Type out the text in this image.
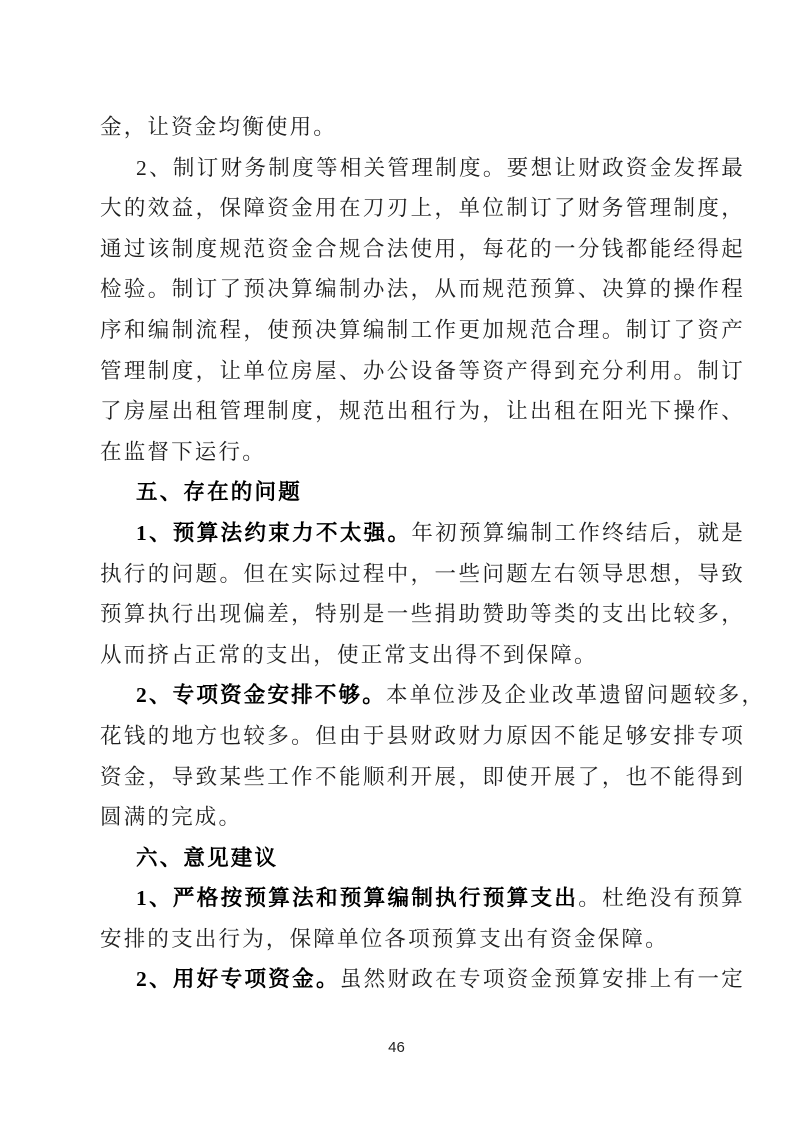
金，让资金均衡使用。
2、制订财务制度等相关管理制度。要想让财政资金发挥最
大的效益，保障资金用在刀刃上，单位制订了财务管理制度，
通过该制度规范资金合规合法使用，每花的一分钱都能经得起
检验。制订了预决算编制办法，从而规范预算、决算的操作程
序和编制流程，使预决算编制工作更加规范合理。制订了资产
管理制度，让单位房屋、办公设备等资产得到充分利用。制订
了房屋出租管理制度，规范出租行为，让出租在阳光下操作、
在监督下运行。
五、存在的问题
1、预算法约束力不太强。年初预算编制工作终结后，就是
执行的问题。但在实际过程中，一些问题左右领导思想，导致
预算执行出现偏差，特别是一些捐助赞助等类的支出比较多，
从而挤占正常的支出，使正常支出得不到保障。
2、专项资金安排不够。本单位涉及企业改革遗留问题较多，
花钱的地方也较多。但由于县财政财力原因不能足够安排专项
资金，导致某些工作不能顺利开展，即使开展了，也不能得到
圆满的完成。
六、意见建议
1、严格按预算法和预算编制执行预算支出。杜绝没有预算
安排的支出行为，保障单位各项预算支出有资金保障。
2、用好专项资金。虽然财政在专项资金预算安排上有一定
46
